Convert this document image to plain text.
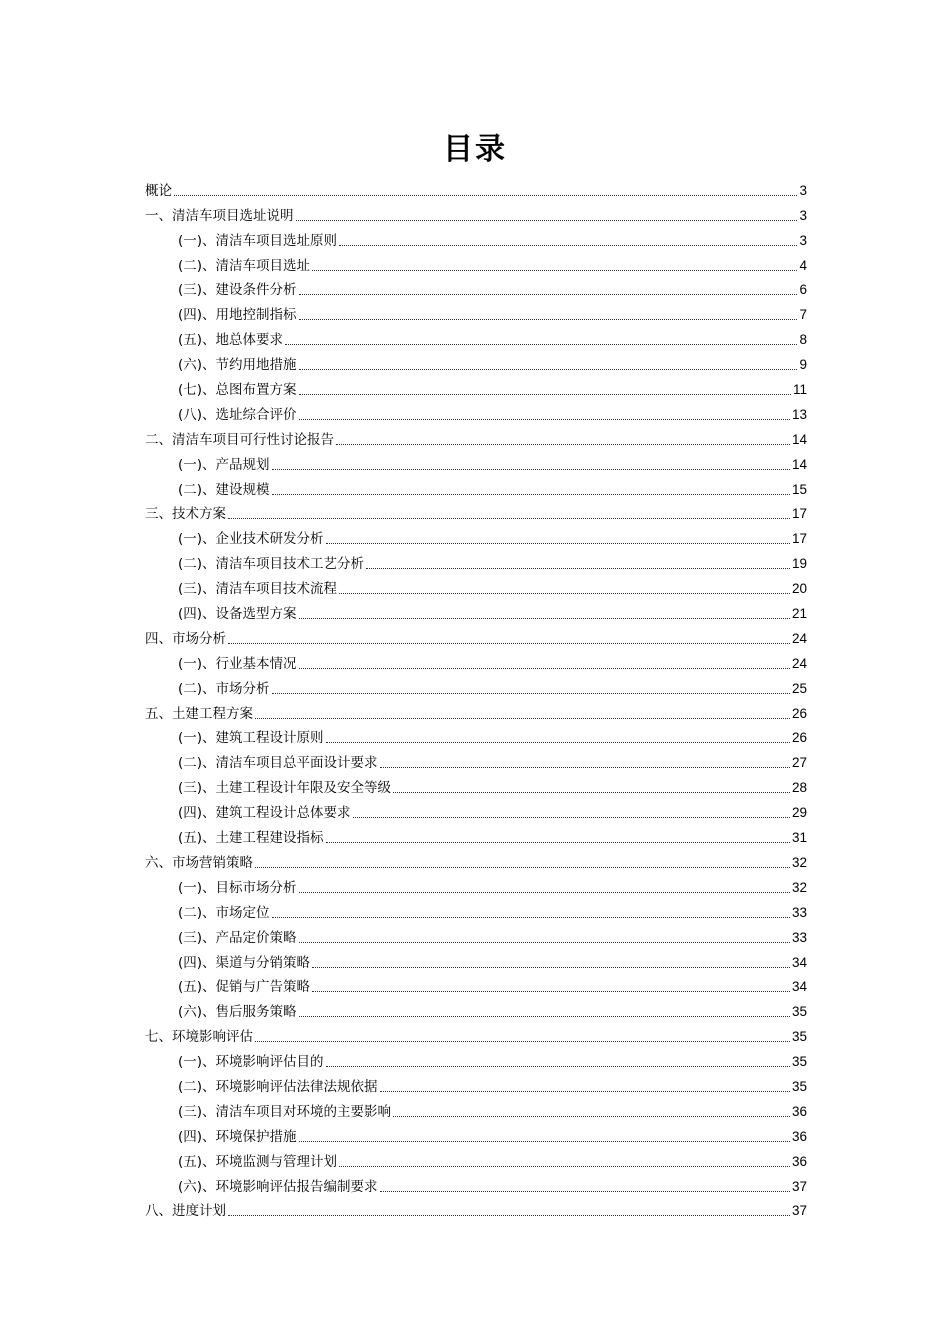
目录
概论	3
一、清洁车项目选址说明	3
(一)、清洁车项目选址原则	3
(二)、清洁车项目选址	4
(三)、建设条件分析	6
(四)、用地控制指标	7
(五)、地总体要求	8
(六)、节约用地措施	9
(七)、总图布置方案	11
(八)、选址综合评价	13
二、清洁车项目可行性讨论报告	14
(一)、产品规划	14
(二)、建设规模	15
三、技术方案	17
(一)、企业技术研发分析	17
(二)、清洁车项目技术工艺分析	19
(三)、清洁车项目技术流程	20
(四)、设备选型方案	21
四、市场分析	24
(一)、行业基本情况	24
(二)、市场分析	25
五、土建工程方案	26
(一)、建筑工程设计原则	26
(二)、清洁车项目总平面设计要求	27
(三)、土建工程设计年限及安全等级	28
(四)、建筑工程设计总体要求	29
(五)、土建工程建设指标	31
六、市场营销策略	32
(一)、目标市场分析	32
(二)、市场定位	33
(三)、产品定价策略	33
(四)、渠道与分销策略	34
(五)、促销与广告策略	34
(六)、售后服务策略	35
七、环境影响评估	35
(一)、环境影响评估目的	35
(二)、环境影响评估法律法规依据	35
(三)、清洁车项目对环境的主要影响	36
(四)、环境保护措施	36
(五)、环境监测与管理计划	36
(六)、环境影响评估报告编制要求	37
八、进度计划	37
